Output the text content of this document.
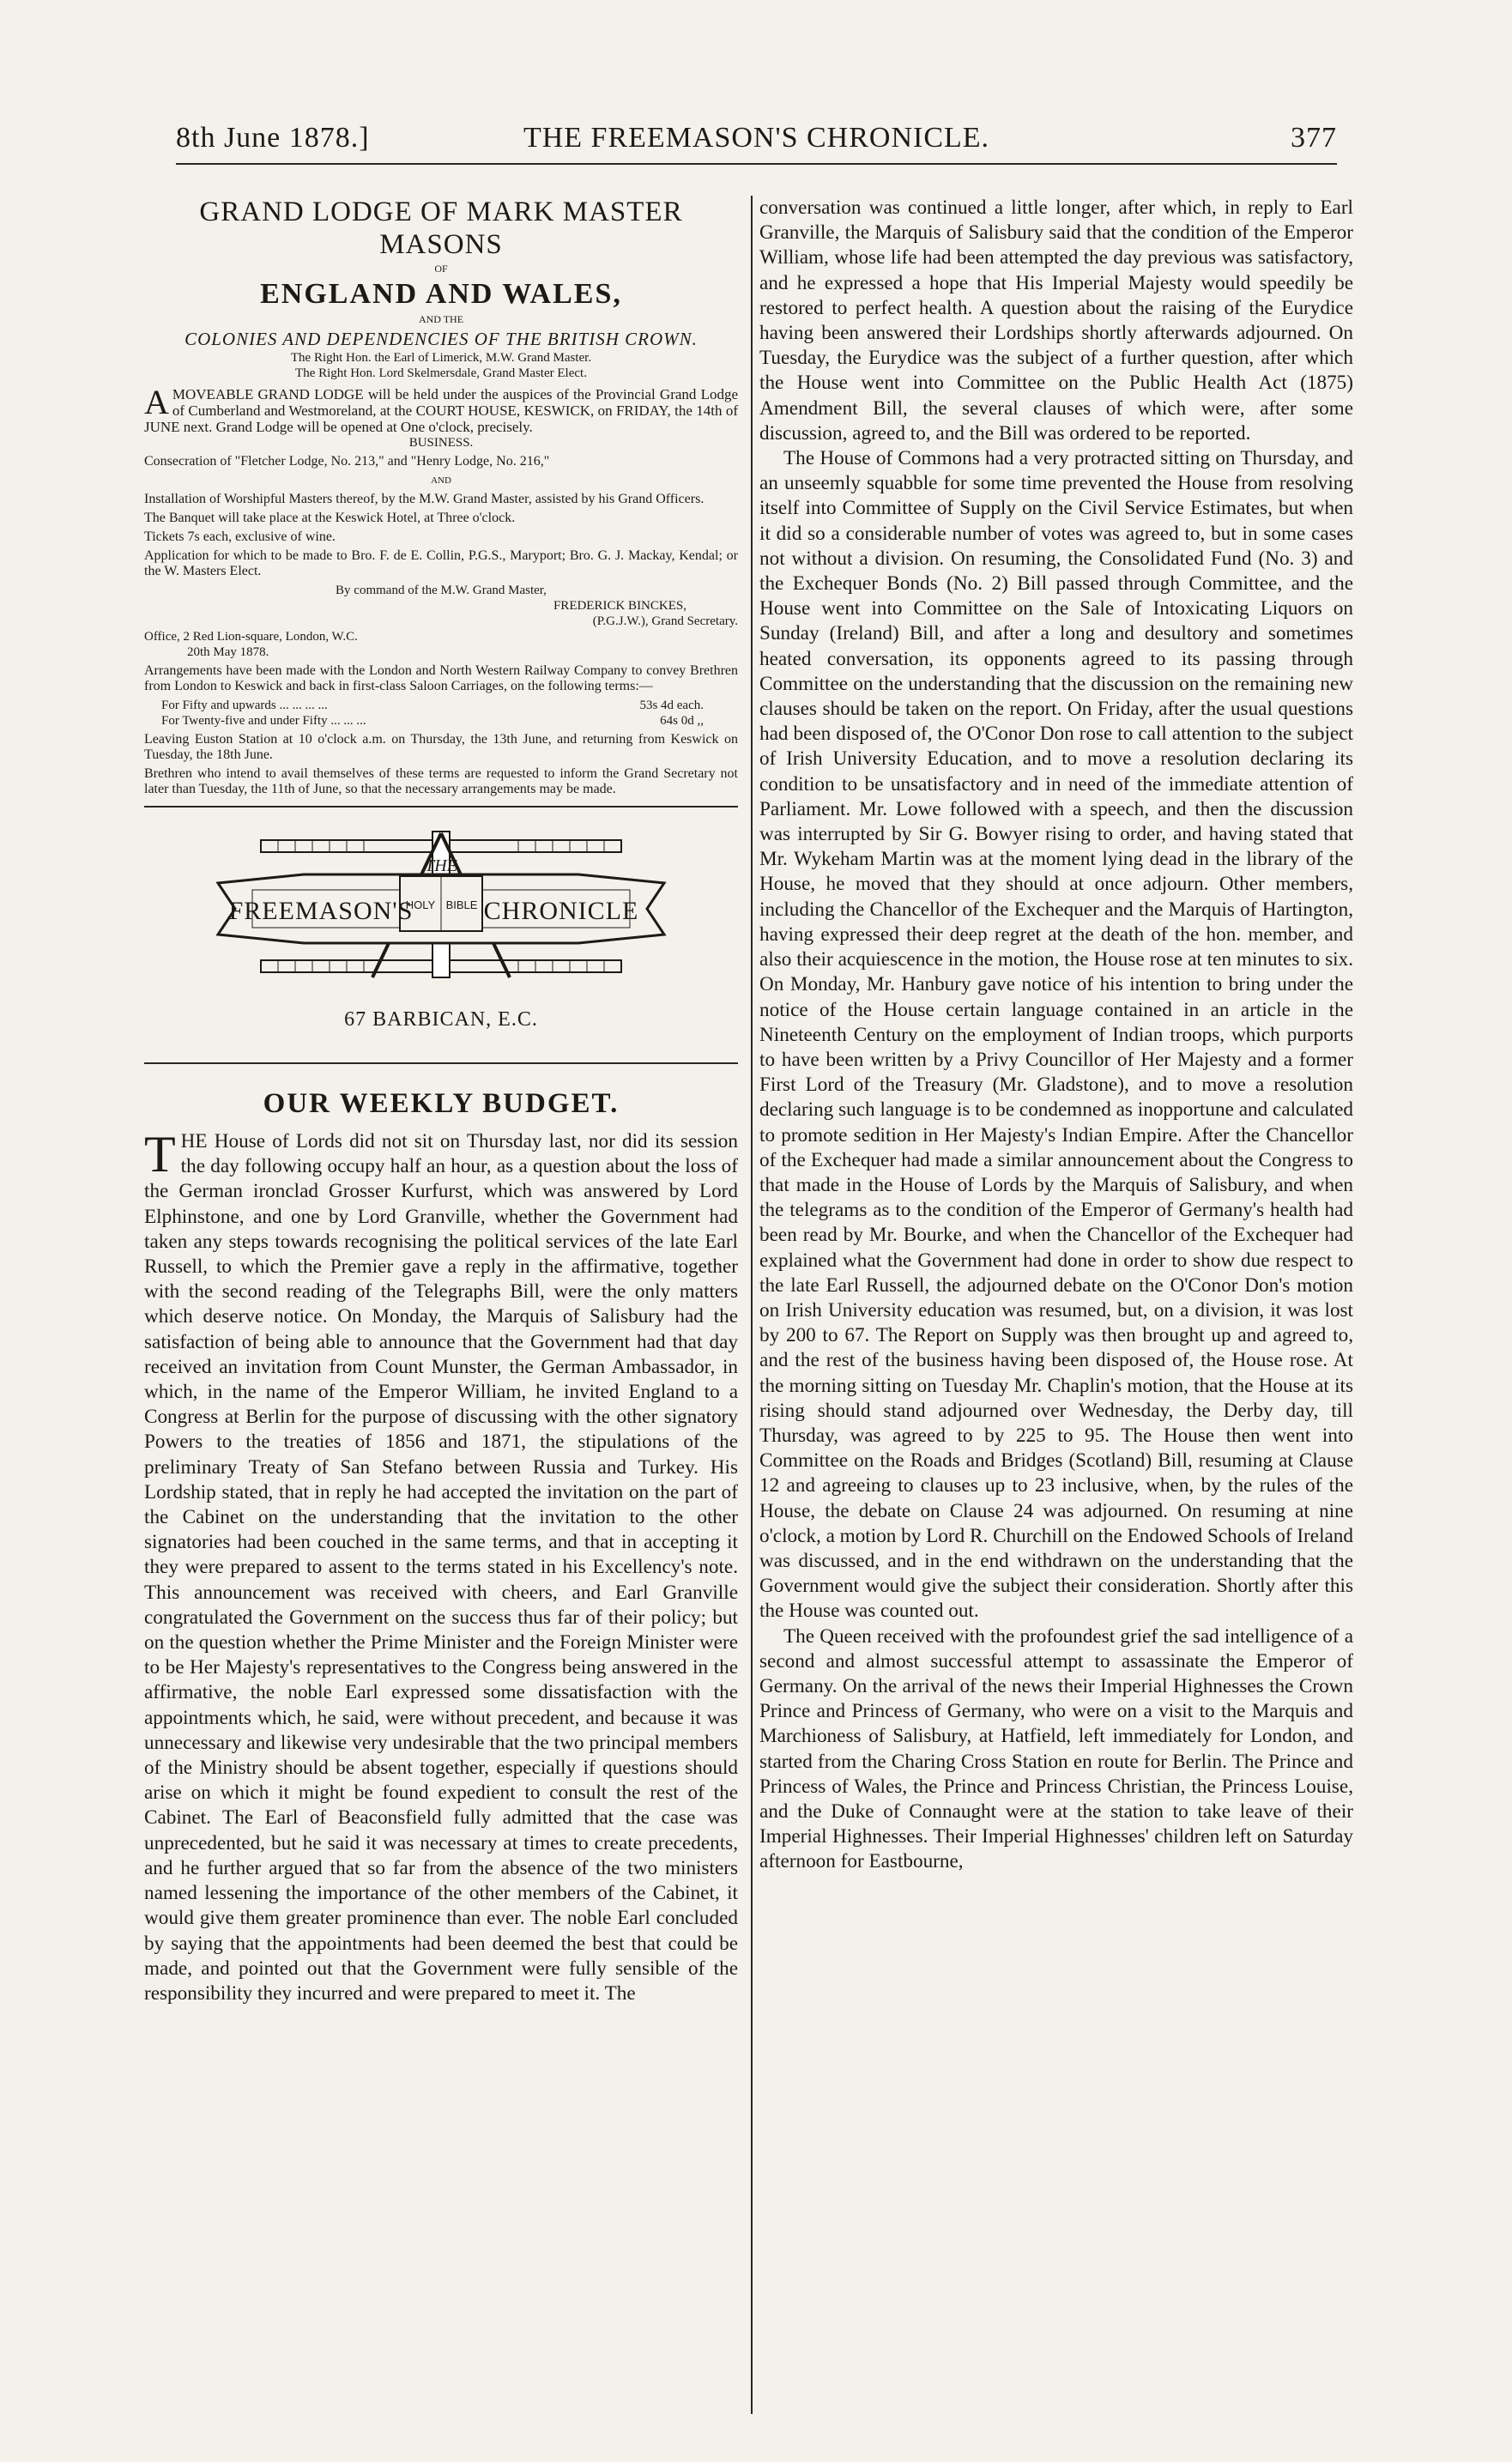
8th June 1878.]	THE FREEMASON'S CHRONICLE.	377

GRAND LODGE OF MARK MASTER MASONS

OF

ENGLAND AND WALES,

AND THE

COLONIES AND DEPENDENCIES OF THE BRITISH CROWN.

The Right Hon. the Earl of Limerick, M.W. Grand Master.

The Right Hon. Lord Skelmersdale, Grand Master Elect.

A MOVEABLE GRAND LODGE will be held under the auspices of the Provincial Grand Lodge of Cumberland and Westmoreland, at the COURT HOUSE, KESWICK, on FRIDAY, the 14th of JUNE next. Grand Lodge will be opened at One o'clock, precisely.

BUSINESS.

Consecration of "Fletcher Lodge, No. 213," and "Henry Lodge, No. 216,"

AND

Installation of Worshipful Masters thereof, by the M.W. Grand Master, assisted by his Grand Officers.

The Banquet will take place at the Keswick Hotel, at Three o'clock.

Tickets 7s each, exclusive of wine.

Application for which to be made to Bro. F. de E. Collin, P.G.S., Maryport; Bro. G. J. Mackay, Kendal; or the W. Masters Elect.

By command of the M.W. Grand Master,

FREDERICK BINCKES,

(P.G.J.W.), Grand Secretary.

Office, 2 Red Lion-square, London, W.C.

20th May 1878.

Arrangements have been made with the London and North Western Railway Company to convey Brethren from London to Keswick and back in first-class Saloon Carriages, on the following terms:—

For Fifty and upwards ... ... ... ...	53s 4d each.
For Twenty-five and under Fifty ... ... ...	64s 0d ,,

Leaving Euston Station at 10 o'clock a.m. on Thursday, the 13th June, and returning from Keswick on Tuesday, the 18th June.

Brethren who intend to avail themselves of these terms are requested to inform the Grand Secretary not later than Tuesday, the 11th of June, so that the necessary arrangements may be made.

THE
HOLY BIBLE
FREEMASON'S	CHRONICLE

67 BARBICAN, E.C.

OUR WEEKLY BUDGET.

T HE House of Lords did not sit on Thursday last, nor did its session the day following occupy half an hour, as a question about the loss of the German ironclad Grosser Kurfurst, which was answered by Lord Elphinstone, and one by Lord Granville, whether the Government had taken any steps towards recognising the political services of the late Earl Russell, to which the Premier gave a reply in the affirmative, together with the second reading of the Telegraphs Bill, were the only matters which deserve notice. On Monday, the Marquis of Salisbury had the satisfaction of being able to announce that the Government had that day received an invitation from Count Munster, the German Ambassador, in which, in the name of the Emperor William, he invited England to a Congress at Berlin for the purpose of discussing with the other signatory Powers to the treaties of 1856 and 1871, the stipulations of the preliminary Treaty of San Stefano between Russia and Turkey. His Lordship stated, that in reply he had accepted the invitation on the part of the Cabinet on the understanding that the invitation to the other signatories had been couched in the same terms, and that in accepting it they were prepared to assent to the terms stated in his Excellency's note. This announcement was received with cheers, and Earl Granville congratulated the Government on the success thus far of their policy; but on the question whether the Prime Minister and the Foreign Minister were to be Her Majesty's representatives to the Congress being answered in the affirmative, the noble Earl expressed some dissatisfaction with the appointments which, he said, were without precedent, and because it was unnecessary and likewise very undesirable that the two principal members of the Ministry should be absent together, especially if questions should arise on which it might be found expedient to consult the rest of the Cabinet. The Earl of Beaconsfield fully admitted that the case was unprecedented, but he said it was necessary at times to create precedents, and he further argued that so far from the absence of the two ministers named lessening the importance of the other members of the Cabinet, it would give them greater prominence than ever. The noble Earl concluded by saying that the appointments had been deemed the best that could be made, and pointed out that the Government were fully sensible of the responsibility they incurred and were prepared to meet it. The

conversation was continued a little longer, after which, in reply to Earl Granville, the Marquis of Salisbury said that the condition of the Emperor William, whose life had been attempted the day previous was satisfactory, and he expressed a hope that His Imperial Majesty would speedily be restored to perfect health. A question about the raising of the Eurydice having been answered their Lordships shortly afterwards adjourned. On Tuesday, the Eurydice was the subject of a further question, after which the House went into Committee on the Public Health Act (1875) Amendment Bill, the several clauses of which were, after some discussion, agreed to, and the Bill was ordered to be reported.

The House of Commons had a very protracted sitting on Thursday, and an unseemly squabble for some time prevented the House from resolving itself into Committee of Supply on the Civil Service Estimates, but when it did so a considerable number of votes was agreed to, but in some cases not without a division. On resuming, the Consolidated Fund (No. 3) and the Exchequer Bonds (No. 2) Bill passed through Committee, and the House went into Committee on the Sale of Intoxicating Liquors on Sunday (Ireland) Bill, and after a long and desultory and sometimes heated conversation, its opponents agreed to its passing through Committee on the understanding that the discussion on the remaining new clauses should be taken on the report. On Friday, after the usual questions had been disposed of, the O'Conor Don rose to call attention to the subject of Irish University Education, and to move a resolution declaring its condition to be unsatisfactory and in need of the immediate attention of Parliament. Mr. Lowe followed with a speech, and then the discussion was interrupted by Sir G. Bowyer rising to order, and having stated that Mr. Wykeham Martin was at the moment lying dead in the library of the House, he moved that they should at once adjourn. Other members, including the Chancellor of the Exchequer and the Marquis of Hartington, having expressed their deep regret at the death of the hon. member, and also their acquiescence in the motion, the House rose at ten minutes to six. On Monday, Mr. Hanbury gave notice of his intention to bring under the notice of the House certain language contained in an article in the Nineteenth Century on the employment of Indian troops, which purports to have been written by a Privy Councillor of Her Majesty and a former First Lord of the Treasury (Mr. Gladstone), and to move a resolution declaring such language is to be condemned as inopportune and calculated to promote sedition in Her Majesty's Indian Empire. After the Chancellor of the Exchequer had made a similar announcement about the Congress to that made in the House of Lords by the Marquis of Salisbury, and when the telegrams as to the condition of the Emperor of Germany's health had been read by Mr. Bourke, and when the Chancellor of the Exchequer had explained what the Government had done in order to show due respect to the late Earl Russell, the adjourned debate on the O'Conor Don's motion on Irish University education was resumed, but, on a division, it was lost by 200 to 67. The Report on Supply was then brought up and agreed to, and the rest of the business having been disposed of, the House rose. At the morning sitting on Tuesday Mr. Chaplin's motion, that the House at its rising should stand adjourned over Wednesday, the Derby day, till Thursday, was agreed to by 225 to 95. The House then went into Committee on the Roads and Bridges (Scotland) Bill, resuming at Clause 12 and agreeing to clauses up to 23 inclusive, when, by the rules of the House, the debate on Clause 24 was adjourned. On resuming at nine o'clock, a motion by Lord R. Churchill on the Endowed Schools of Ireland was discussed, and in the end withdrawn on the understanding that the Government would give the subject their consideration. Shortly after this the House was counted out.

The Queen received with the profoundest grief the sad intelligence of a second and almost successful attempt to assassinate the Emperor of Germany. On the arrival of the news their Imperial Highnesses the Crown Prince and Princess of Germany, who were on a visit to the Marquis and Marchioness of Salisbury, at Hatfield, left immediately for London, and started from the Charing Cross Station en route for Berlin. The Prince and Princess of Wales, the Prince and Princess Christian, the Princess Louise, and the Duke of Connaught were at the station to take leave of their Imperial Highnesses. Their Imperial Highnesses' children left on Saturday afternoon for Eastbourne,
